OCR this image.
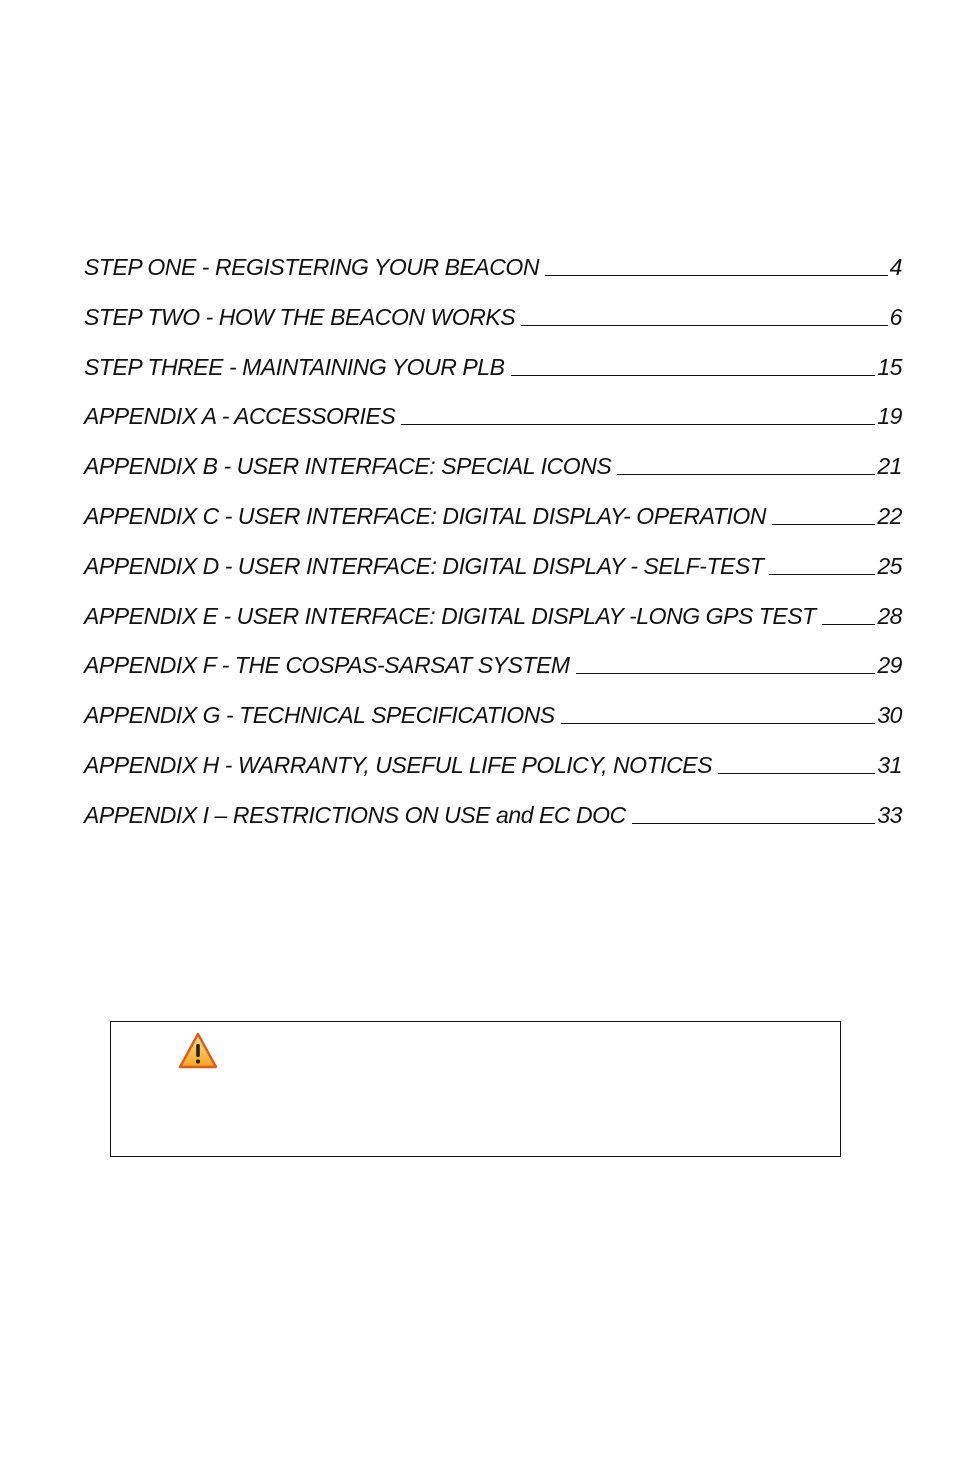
STEP ONE - REGISTERING YOUR BEACON	4
STEP TWO - HOW THE BEACON WORKS	6
STEP THREE - MAINTAINING YOUR PLB	15
APPENDIX A - ACCESSORIES	19
APPENDIX B - USER INTERFACE: SPECIAL ICONS	21
APPENDIX C - USER INTERFACE: DIGITAL DISPLAY- OPERATION	22
APPENDIX D - USER INTERFACE: DIGITAL DISPLAY - SELF-TEST	25
APPENDIX E - USER INTERFACE: DIGITAL DISPLAY -LONG GPS TEST	28
APPENDIX F - THE COSPAS-SARSAT SYSTEM	29
APPENDIX G - TECHNICAL SPECIFICATIONS	30
APPENDIX H - WARRANTY, USEFUL LIFE POLICY, NOTICES	31
APPENDIX I – RESTRICTIONS ON USE and EC DOC	33
